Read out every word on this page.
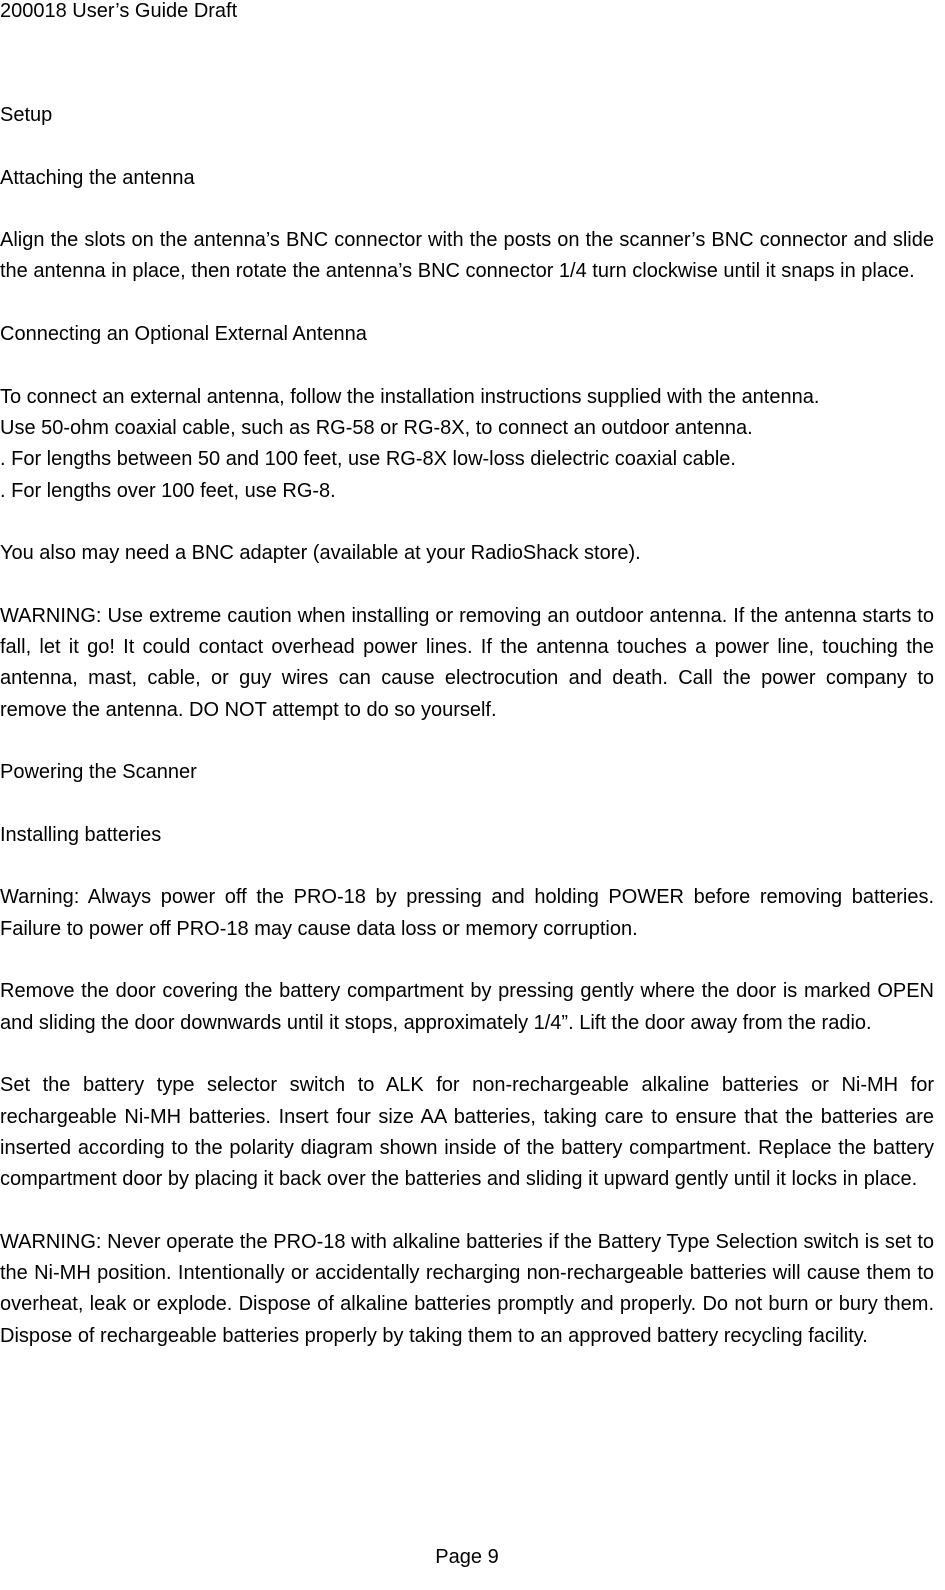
200018 User’s Guide Draft

Setup

Attaching the antenna

Align the slots on the antenna’s BNC connector with the posts on the scanner’s BNC connector and slide the antenna in place, then rotate the antenna’s BNC connector 1/4 turn clockwise until it snaps in place.

Connecting an Optional External Antenna

To connect an external antenna, follow the installation instructions supplied with the antenna.

Use 50-ohm coaxial cable, such as RG-58 or RG-8X, to connect an outdoor antenna.

. For lengths between 50 and 100 feet, use RG-8X low-loss dielectric coaxial cable.

. For lengths over 100 feet, use RG-8.

You also may need a BNC adapter (available at your RadioShack store).

WARNING: Use extreme caution when installing or removing an outdoor antenna. If the antenna starts to fall, let it go! It could contact overhead power lines. If the antenna touches a power line, touching the antenna, mast, cable, or guy wires can cause electrocution and death. Call the power company to remove the antenna. DO NOT attempt to do so yourself.

Powering the Scanner

Installing batteries

Warning: Always power off the PRO-18 by pressing and holding POWER before removing batteries. Failure to power off PRO-18 may cause data loss or memory corruption.

Remove the door covering the battery compartment by pressing gently where the door is marked OPEN and sliding the door downwards until it stops, approximately 1/4”. Lift the door away from the radio.

Set the battery type selector switch to ALK for non-rechargeable alkaline batteries or Ni-MH for rechargeable Ni-MH batteries. Insert four size AA batteries, taking care to ensure that the batteries are inserted according to the polarity diagram shown inside of the battery compartment. Replace the battery compartment door by placing it back over the batteries and sliding it upward gently until it locks in place.

WARNING: Never operate the PRO-18 with alkaline batteries if the Battery Type Selection switch is set to the Ni-MH position. Intentionally or accidentally recharging non-rechargeable batteries will cause them to overheat, leak or explode. Dispose of alkaline batteries promptly and properly. Do not burn or bury them. Dispose of rechargeable batteries properly by taking them to an approved battery recycling facility.

Page 9
